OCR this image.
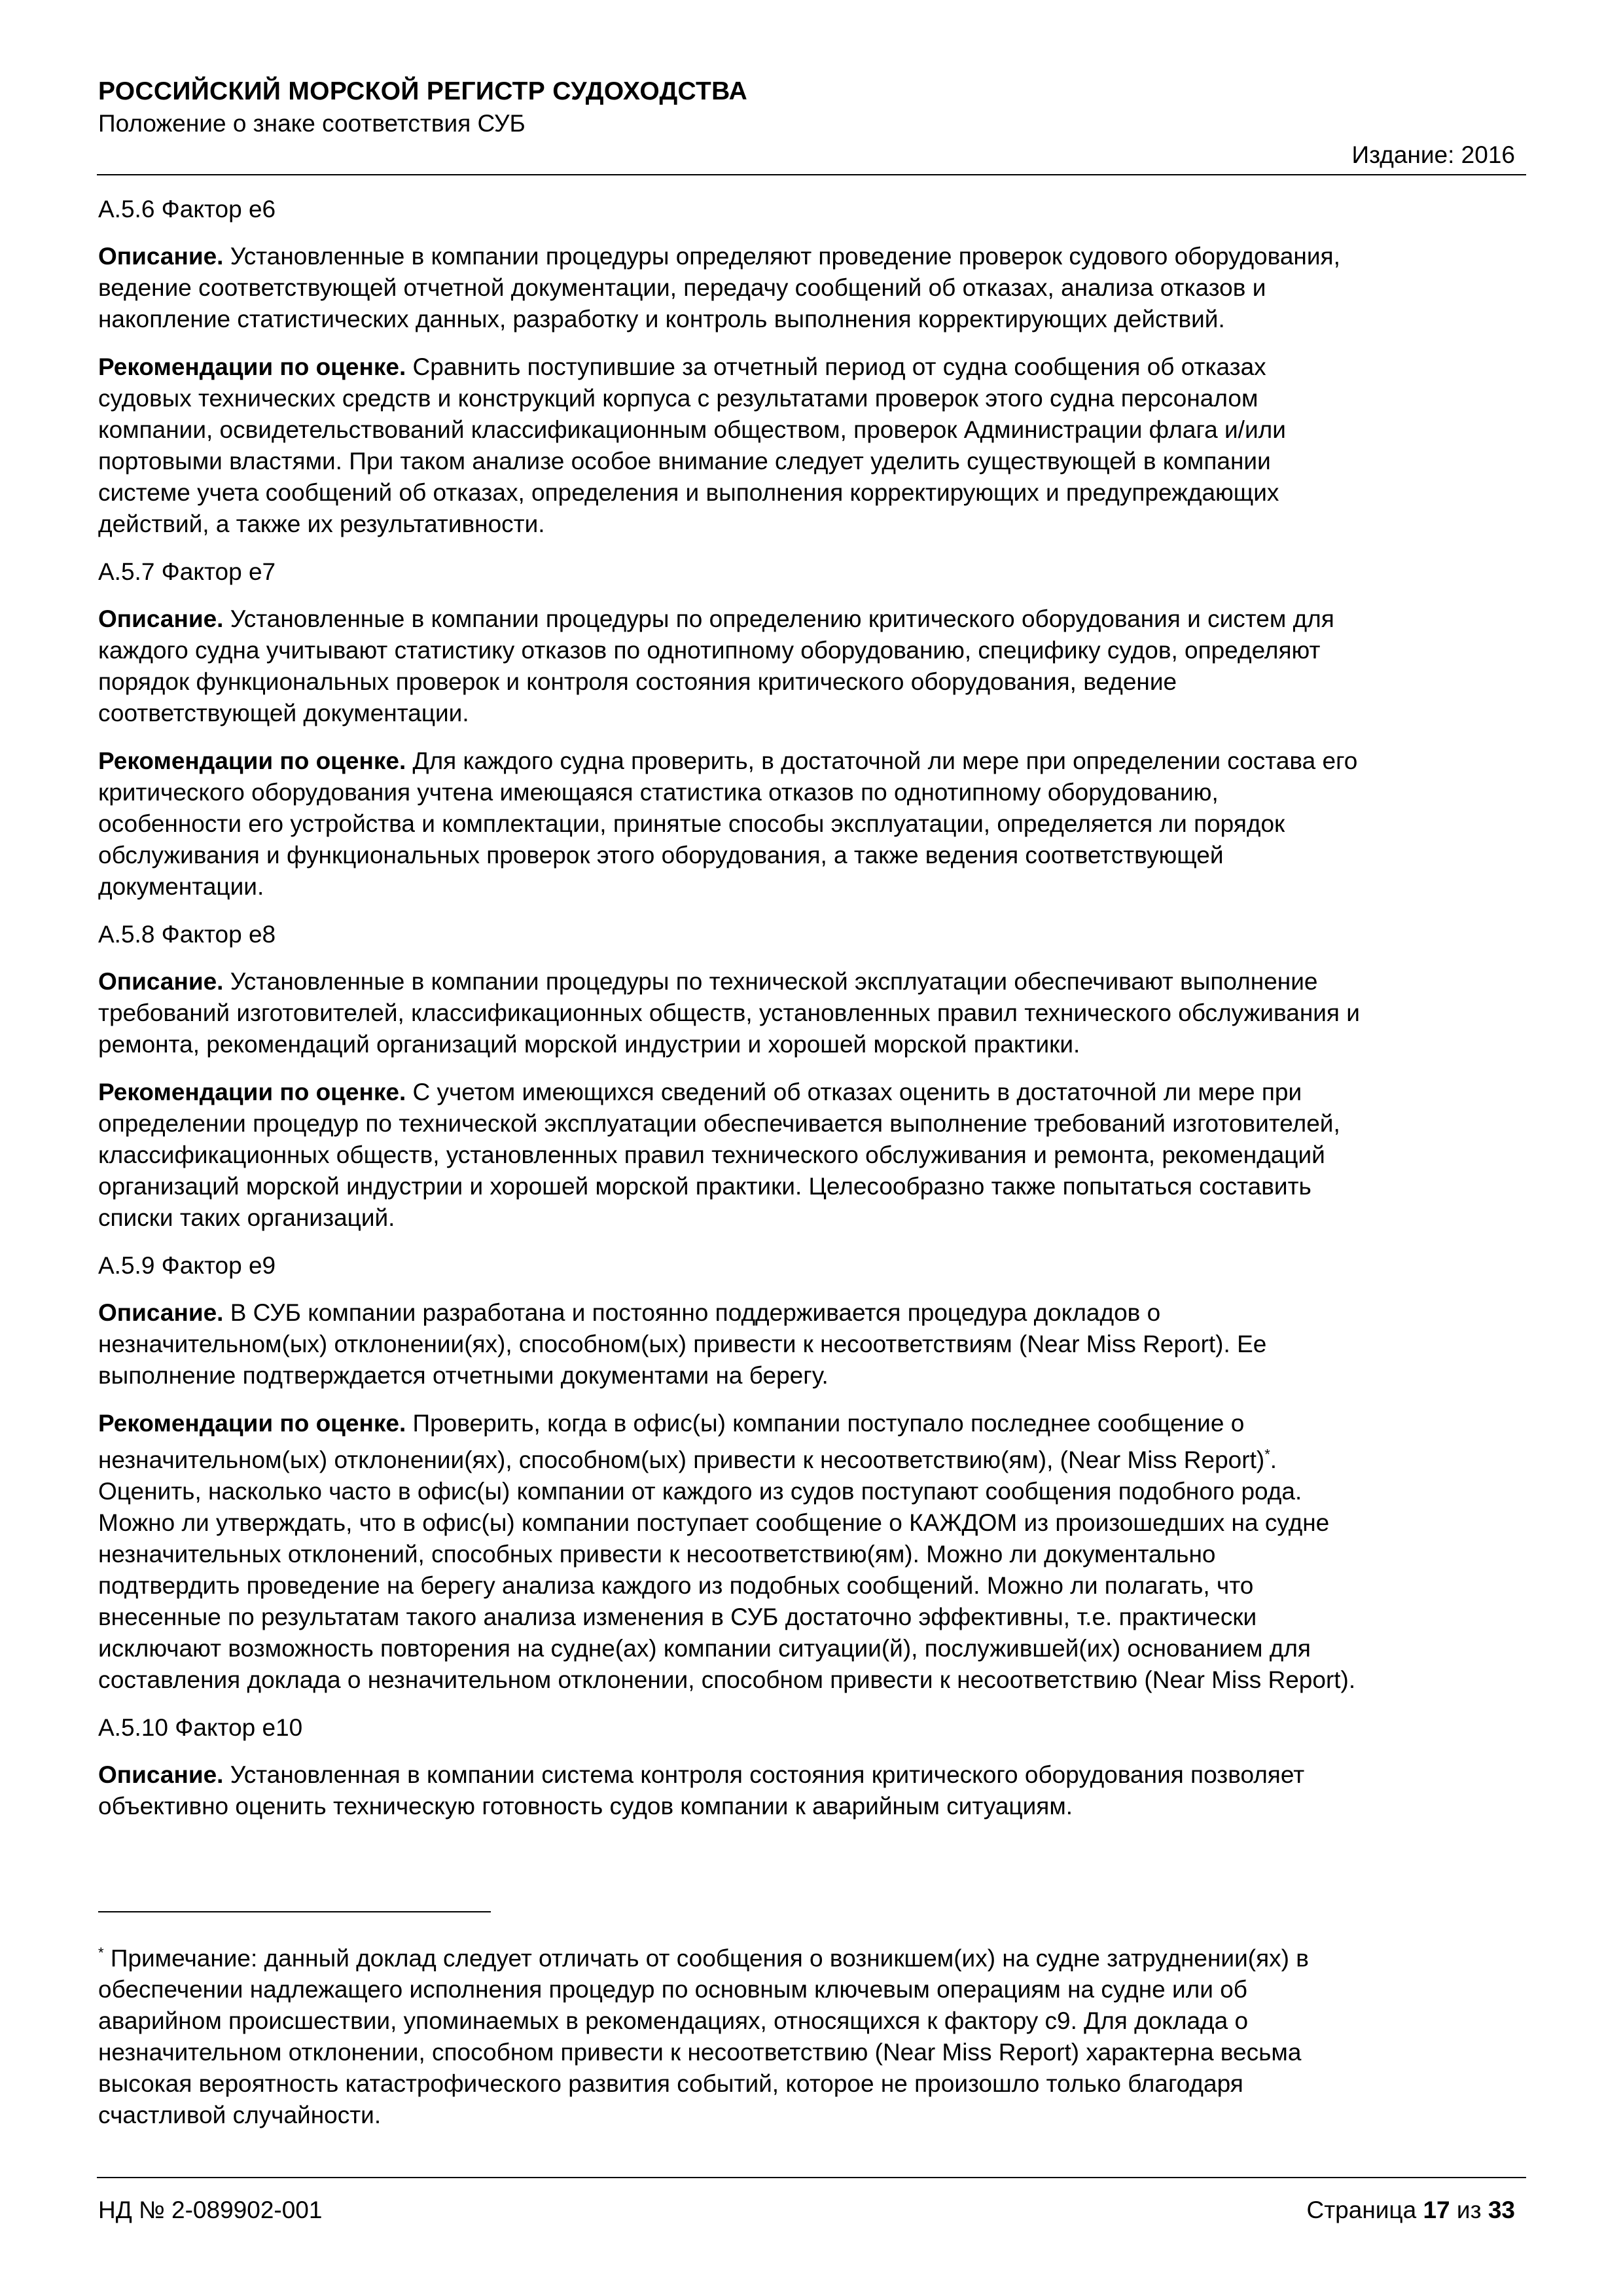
РОССИЙСКИЙ МОРСКОЙ РЕГИСТР СУДОХОДСТВА
Положение о знаке соответствия СУБ
Издание: 2016
A.5.6 Фактор e6
Описание. Установленные в компании процедуры определяют проведение проверок судового оборудования,
ведение соответствующей отчетной документации, передачу сообщений об отказах, анализа отказов и
накопление статистических данных, разработку и контроль выполнения корректирующих действий.
Рекомендации по оценке. Сравнить поступившие за отчетный период от судна сообщения об отказах
судовых технических средств и конструкций корпуса с результатами проверок этого судна персоналом
компании, освидетельствований классификационным обществом, проверок Администрации флага и/или
портовыми властями. При таком анализе особое внимание следует уделить существующей в компании
системе учета сообщений об отказах, определения и выполнения корректирующих и предупреждающих
действий, а также их результативности.
A.5.7 Фактор e7
Описание. Установленные в компании процедуры по определению критического оборудования и систем для
каждого судна учитывают статистику отказов по однотипному оборудованию, специфику судов, определяют
порядок функциональных проверок и контроля состояния критического оборудования, ведение
соответствующей документации.
Рекомендации по оценке. Для каждого судна проверить, в достаточной ли мере при определении состава его
критического оборудования учтена имеющаяся статистика отказов по однотипному оборудованию,
особенности его устройства и комплектации, принятые способы эксплуатации, определяется ли порядок
обслуживания и функциональных проверок этого оборудования, а также ведения соответствующей
документации.
A.5.8 Фактор e8
Описание. Установленные в компании процедуры по технической эксплуатации обеспечивают выполнение
требований изготовителей, классификационных обществ, установленных правил технического обслуживания и
ремонта, рекомендаций организаций морской индустрии и хорошей морской практики.
Рекомендации по оценке. С учетом имеющихся сведений об отказах оценить в достаточной ли мере при
определении процедур по технической эксплуатации обеспечивается выполнение требований изготовителей,
классификационных обществ, установленных правил технического обслуживания и ремонта, рекомендаций
организаций морской индустрии и хорошей морской практики. Целесообразно также попытаться составить
списки таких организаций.
A.5.9 Фактор e9
Описание. В СУБ компании разработана и постоянно поддерживается процедура докладов о
незначительном(ых) отклонении(ях), способном(ых) привести к несоответствиям (Near Miss Report). Ее
выполнение подтверждается отчетными документами на берегу.
Рекомендации по оценке. Проверить, когда в офис(ы) компании поступало последнее сообщение о
незначительном(ых) отклонении(ях), способном(ых) привести к несоответствию(ям), (Near Miss Report)*.
Оценить, насколько часто в офис(ы) компании от каждого из судов поступают сообщения подобного рода.
Можно ли утверждать, что в офис(ы) компании поступает сообщение о КАЖДОМ из произошедших на судне
незначительных отклонений, способных привести к несоответствию(ям). Можно ли документально
подтвердить проведение на берегу анализа каждого из подобных сообщений. Можно ли полагать, что
внесенные по результатам такого анализа изменения в СУБ достаточно эффективны, т.е. практически
исключают возможность повторения на судне(ах) компании ситуации(й), послужившей(их) основанием для
составления доклада о незначительном отклонении, способном привести к несоответствию (Near Miss Report).
A.5.10 Фактор e10
Описание. Установленная в компании система контроля состояния критического оборудования позволяет
объективно оценить техническую готовность судов компании к аварийным ситуациям.
* Примечание: данный доклад следует отличать от сообщения о возникшем(их) на судне затруднении(ях) в
обеспечении надлежащего исполнения процедур по основным ключевым операциям на судне или об
аварийном происшествии, упоминаемых в рекомендациях, относящихся к фактору c9. Для доклада о
незначительном отклонении, способном привести к несоответствию (Near Miss Report) характерна весьма
высокая вероятность катастрофического развития событий, которое не произошло только благодаря
счастливой случайности.
НД № 2-089902-001	Страница 17 из 33
